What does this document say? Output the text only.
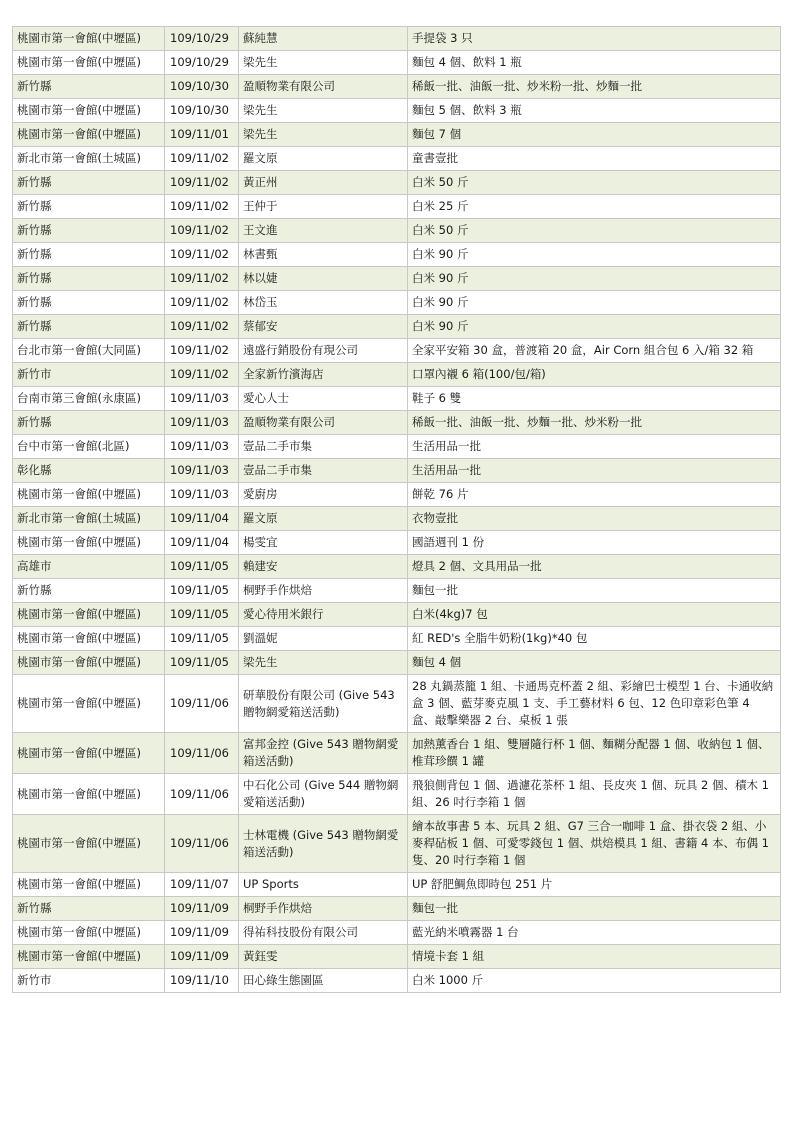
桃園市第一會館(中壢區)	109/10/29	蘇純慧	手提袋 3 只
桃園市第一會館(中壢區)	109/10/29	梁先生	麵包 4 個、飲料 1 瓶
新竹縣	109/10/30	盈順物業有限公司	稀飯一批、油飯一批、炒米粉一批、炒麵一批
桃園市第一會館(中壢區)	109/10/30	梁先生	麵包 5 個、飲料 3 瓶
桃園市第一會館(中壢區)	109/11/01	梁先生	麵包 7 個
新北市第一會館(土城區)	109/11/02	羅文原	童書壹批
新竹縣	109/11/02	黃正州	白米 50 斤
新竹縣	109/11/02	王仲于	白米 25 斤
新竹縣	109/11/02	王文進	白米 50 斤
新竹縣	109/11/02	林書甄	白米 90 斤
新竹縣	109/11/02	林以婕	白米 90 斤
新竹縣	109/11/02	林岱玉	白米 90 斤
新竹縣	109/11/02	蔡郁安	白米 90 斤
台北市第一會館(大同區)	109/11/02	遠盛行銷股份有現公司	全家平安箱 30 盒，普渡箱 20 盒，Air Corn 組合包 6 入/箱 32 箱
新竹市	109/11/02	全家新竹濱海店	口罩內襯 6 箱(100/包/箱)
台南市第三會館(永康區)	109/11/03	愛心人士	鞋子 6 雙
新竹縣	109/11/03	盈順物業有限公司	稀飯一批、油飯一批、炒麵一批、炒米粉一批
台中市第一會館(北區)	109/11/03	壹品二手市集	生活用品一批
彰化縣	109/11/03	壹品二手市集	生活用品一批
桃園市第一會館(中壢區)	109/11/03	愛廚房	餅乾 76 片
新北市第一會館(土城區)	109/11/04	羅文原	衣物壹批
桃園市第一會館(中壢區)	109/11/04	楊雯宜	國語週刊 1 份
高雄市	109/11/05	賴建安	燈具 2 個、文具用品一批
新竹縣	109/11/05	桐野手作烘焙	麵包一批
桃園市第一會館(中壢區)	109/11/05	愛心待用米銀行	白米(4kg)7 包
桃園市第一會館(中壢區)	109/11/05	劉溫妮	紅 RED's 全脂牛奶粉(1kg)*40 包
桃園市第一會館(中壢區)	109/11/05	梁先生	麵包 4 個
桃園市第一會館(中壢區)	109/11/06	研華股份有限公司 (Give 543 贈物網愛箱送活動)	28 丸鍋蒸籠 1 組、卡通馬克杯蓋 2 組、彩繪巴士模型 1 台、卡通收納盒 3 個、藍芽麥克風 1 支、手工藝材料 6 包、12 色印章彩色筆 4 盒、敲擊樂器 2 台、桌板 1 張
桃園市第一會館(中壢區)	109/11/06	富邦金控 (Give 543 贈物網愛箱送活動)	加熱薰香台 1 組、雙層隨行杯 1 個、麵糊分配器 1 個、收納包 1 個、椎茸珍饌 1 罐
桃園市第一會館(中壢區)	109/11/06	中石化公司 (Give 544 贈物網愛箱送活動)	飛狼側背包 1 個、過濾花茶杯 1 組、長皮夾 1 個、玩具 2 個、積木 1 組、26 吋行李箱 1 個
桃園市第一會館(中壢區)	109/11/06	士林電機 (Give 543 贈物網愛箱送活動)	繪本故事書 5 本、玩具 2 組、G7 三合一咖啡 1 盒、掛衣袋 2 組、小麥稈砧板 1 個、可愛零錢包 1 個、烘焙模具 1 組、書籍 4 本、布偶 1 隻、20 吋行李箱 1 個
桃園市第一會館(中壢區)	109/11/07	UP Sports	UP 舒肥鯛魚即時包 251 片
新竹縣	109/11/09	桐野手作烘焙	麵包一批
桃園市第一會館(中壢區)	109/11/09	得祐科技股份有限公司	藍光納米噴霧器 1 台
桃園市第一會館(中壢區)	109/11/09	黃鈺雯	情境卡套 1 組
新竹市	109/11/10	田心綠生態園區	白米 1000 斤
